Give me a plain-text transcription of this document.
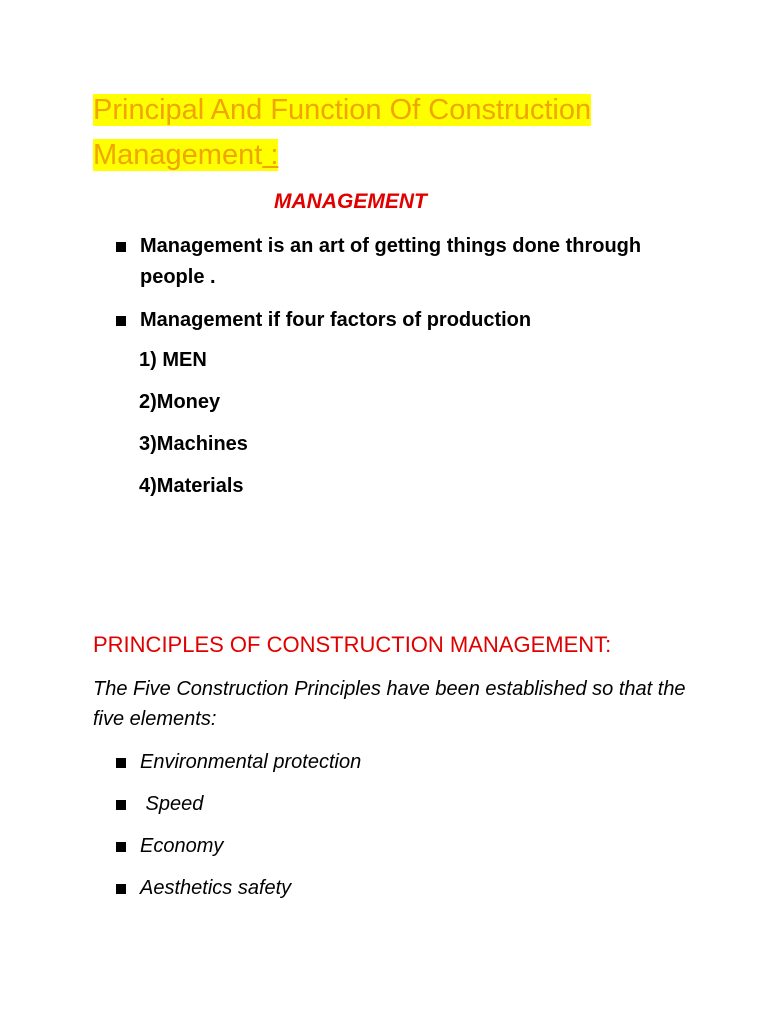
Principal And Function Of Construction
Management :
MANAGEMENT
Management is an art of getting things done through people .
Management if four factors of production
1) MEN
2)Money
3)Machines
4)Materials
PRINCIPLES OF CONSTRUCTION MANAGEMENT:

The Five Construction Principles have been established so that the five elements:

Environmental protection
Speed
Economy
Aesthetics safety
